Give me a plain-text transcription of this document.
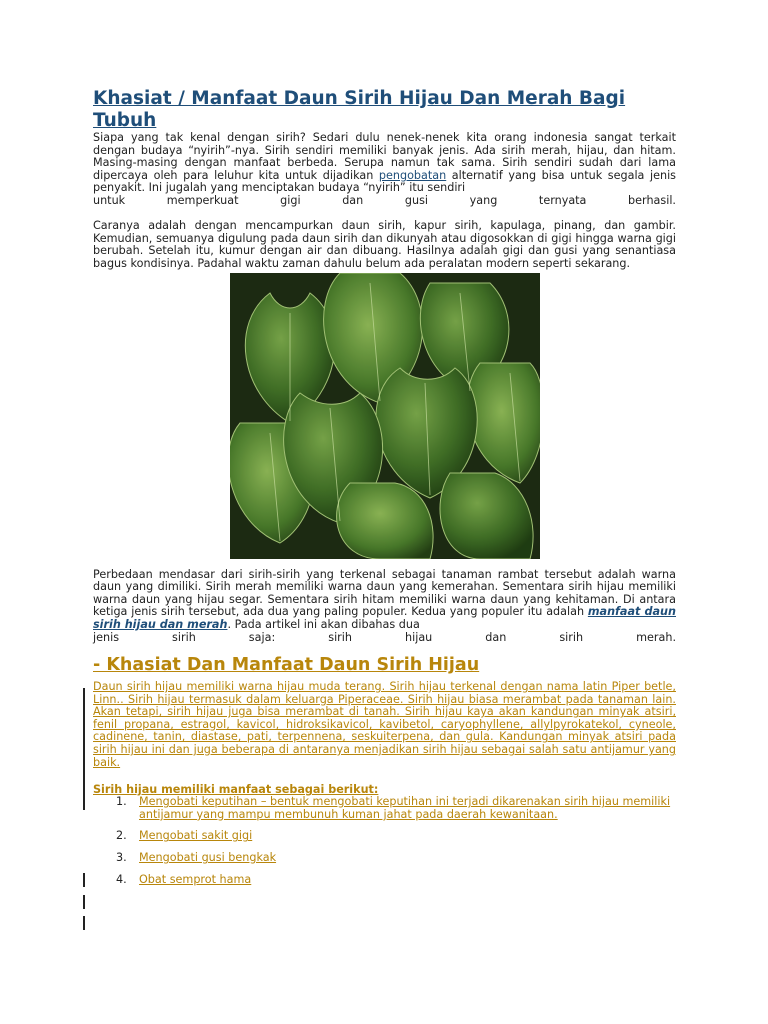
Khasiat / Manfaat Daun Sirih Hijau Dan Merah Bagi Tubuh

Siapa yang tak kenal dengan sirih? Sedari dulu nenek-nenek kita orang indonesia sangat terkait dengan budaya “nyirih”-nya. Sirih sendiri memiliki banyak jenis. Ada sirih merah, hijau, dan hitam. Masing-masing dengan manfaat berbeda. Serupa namun tak sama. Sirih sendiri sudah dari lama dipercaya oleh para leluhur kita untuk dijadikan pengobatan alternatif yang bisa untuk segala jenis penyakit. Ini jugalah yang menciptakan budaya “nyirih” itu sendiri

untuk memperkuat gigi dan gusi yang ternyata berhasil.

Caranya adalah dengan mencampurkan daun sirih, kapur sirih, kapulaga, pinang, dan gambir. Kemudian, semuanya digulung pada daun sirih dan dikunyah atau digosokkan di gigi hingga warna gigi berubah. Setelah itu, kumur dengan air dan dibuang. Hasilnya adalah gigi dan gusi yang senantiasa bagus kondisinya. Padahal waktu zaman dahulu belum ada peralatan modern seperti sekarang.

Perbedaan mendasar dari sirih-sirih yang terkenal sebagai tanaman rambat tersebut adalah warna daun yang dimiliki. Sirih merah memiliki warna daun yang kemerahan. Sementara sirih hijau memiliki warna daun yang hijau segar. Sementara sirih hitam memiliki warna daun yang kehitaman. Di antara ketiga jenis sirih tersebut, ada dua yang paling populer. Kedua yang populer itu adalah manfaat daun sirih hijau dan merah. Pada artikel ini akan dibahas dua

jenis sirih saja: sirih hijau dan sirih merah.

- Khasiat Dan Manfaat Daun Sirih Hijau

Daun sirih hijau memiliki warna hijau muda terang. Sirih hijau terkenal dengan nama latin Piper betle, Linn.. Sirih hijau termasuk dalam keluarga Piperaceae. Sirih hijau biasa merambat pada tanaman lain. Akan tetapi, sirih hijau juga bisa merambat di tanah. Sirih hijau kaya akan kandungan minyak atsiri, fenil propana, estragol, kavicol, hidroksikavicol, kavibetol, caryophyllene, allylpyrokatekol, cyneole, cadinene, tanin, diastase, pati, terpennena, seskuiterpena, dan gula. Kandungan minyak atsiri pada sirih hijau ini dan juga beberapa di antaranya menjadikan sirih hijau sebagai salah satu antijamur yang baik.

Sirih hijau memiliki manfaat sebagai berikut:
1. Mengobati keputihan – bentuk mengobati keputihan ini terjadi dikarenakan sirih hijau memiliki antijamur yang mampu membunuh kuman jahat pada daerah kewanitaan.
2. Mengobati sakit gigi
3. Mengobati gusi bengkak
4. Obat semprot hama
